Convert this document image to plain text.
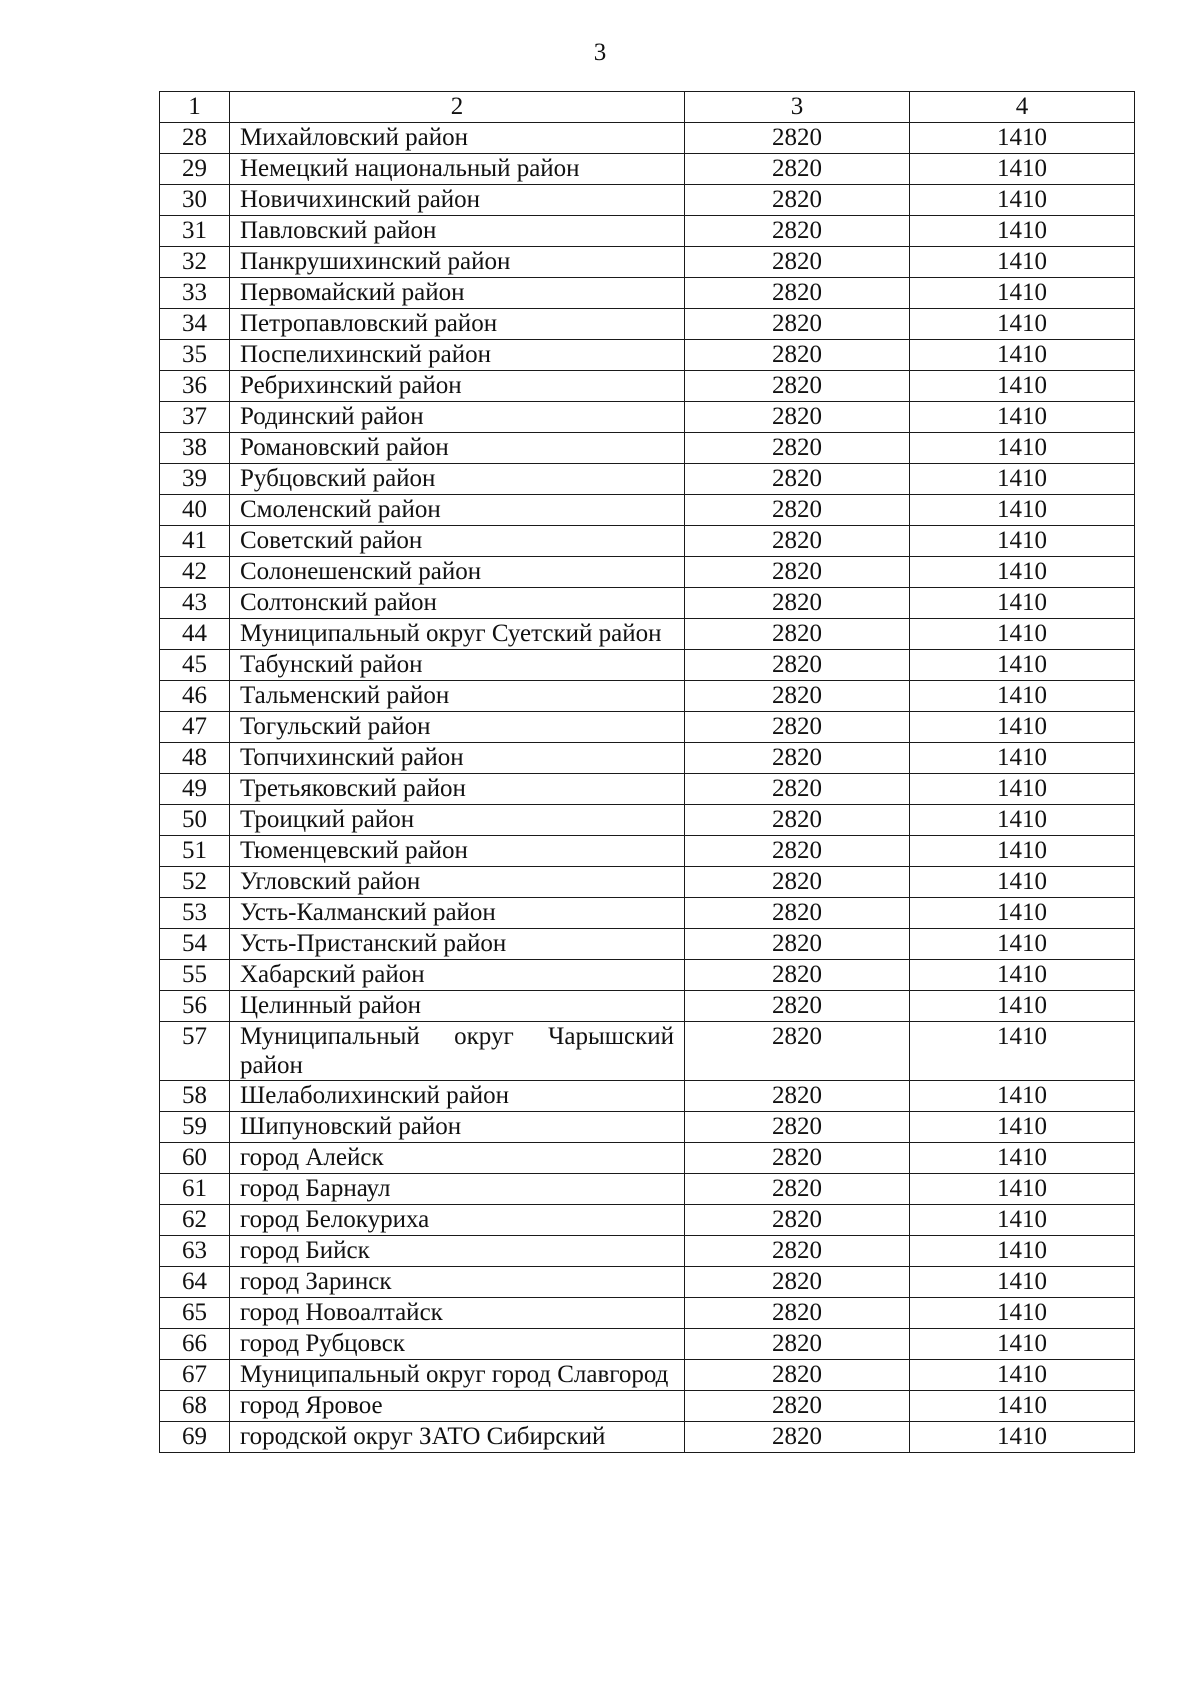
3
1	2	3	4
28	Михайловский район	2820	1410
29	Немецкий национальный район	2820	1410
30	Новичихинский район	2820	1410
31	Павловский район	2820	1410
32	Панкрушихинский район	2820	1410
33	Первомайский район	2820	1410
34	Петропавловский район	2820	1410
35	Поспелихинский район	2820	1410
36	Ребрихинский район	2820	1410
37	Родинский район	2820	1410
38	Романовский район	2820	1410
39	Рубцовский район	2820	1410
40	Смоленский район	2820	1410
41	Советский район	2820	1410
42	Солонешенский район	2820	1410
43	Солтонский район	2820	1410
44	Муниципальный округ Суетский район	2820	1410
45	Табунский район	2820	1410
46	Тальменский район	2820	1410
47	Тогульский район	2820	1410
48	Топчихинский район	2820	1410
49	Третьяковский район	2820	1410
50	Троицкий район	2820	1410
51	Тюменцевский район	2820	1410
52	Угловский район	2820	1410
53	Усть-Калманский район	2820	1410
54	Усть-Пристанский район	2820	1410
55	Хабарский район	2820	1410
56	Целинный район	2820	1410
57	Муниципальный округ Чарышский район	2820	1410
58	Шелаболихинский район	2820	1410
59	Шипуновский район	2820	1410
60	город Алейск	2820	1410
61	город Барнаул	2820	1410
62	город Белокуриха	2820	1410
63	город Бийск	2820	1410
64	город Заринск	2820	1410
65	город Новоалтайск	2820	1410
66	город Рубцовск	2820	1410
67	Муниципальный округ город Славгород	2820	1410
68	город Яровое	2820	1410
69	городской округ ЗАТО Сибирский	2820	1410
